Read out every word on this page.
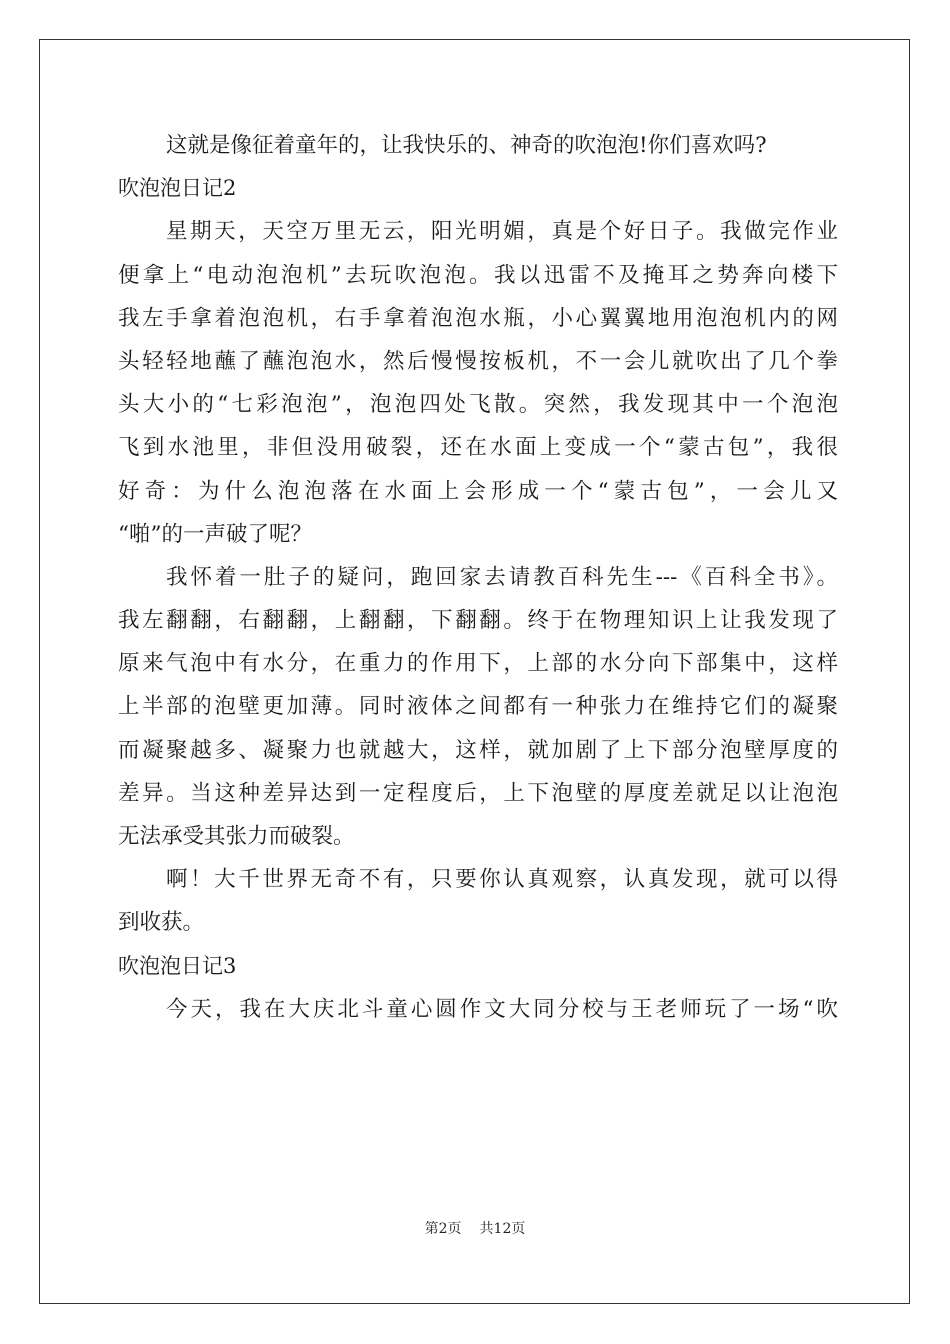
这就是像征着童年的，让我快乐的、神奇的吹泡泡!你们喜欢吗?
吹泡泡日记2
星期天，天空万里无云，阳光明媚，真是个好日子。我做完作业
便拿上“电动泡泡机”去玩吹泡泡。我以迅雷不及掩耳之势奔向楼下
我左手拿着泡泡机，右手拿着泡泡水瓶，小心翼翼地用泡泡机内的网
头轻轻地蘸了蘸泡泡水，然后慢慢按板机，不一会儿就吹出了几个拳
头大小的“七彩泡泡”，泡泡四处飞散。突然，我发现其中一个泡泡
飞到水池里，非但没用破裂，还在水面上变成一个“蒙古包”，我很
好奇：为什么泡泡落在水面上会形成一个“蒙古包”，一会儿又
“啪”的一声破了呢？
我怀着一肚子的疑问，跑回家去请教百科先生---《百科全书》。
我左翻翻，右翻翻，上翻翻，下翻翻。终于在物理知识上让我发现了
原来气泡中有水分，在重力的作用下，上部的水分向下部集中，这样
上半部的泡壁更加薄。同时液体之间都有一种张力在维持它们的凝聚
而凝聚越多、凝聚力也就越大，这样，就加剧了上下部分泡壁厚度的
差异。当这种差异达到一定程度后，上下泡壁的厚度差就足以让泡泡
无法承受其张力而破裂。
啊！大千世界无奇不有，只要你认真观察，认真发现，就可以得
到收获。
吹泡泡日记3
今天，我在大庆北斗童心圆作文大同分校与王老师玩了一场“吹
第2页 共12页
